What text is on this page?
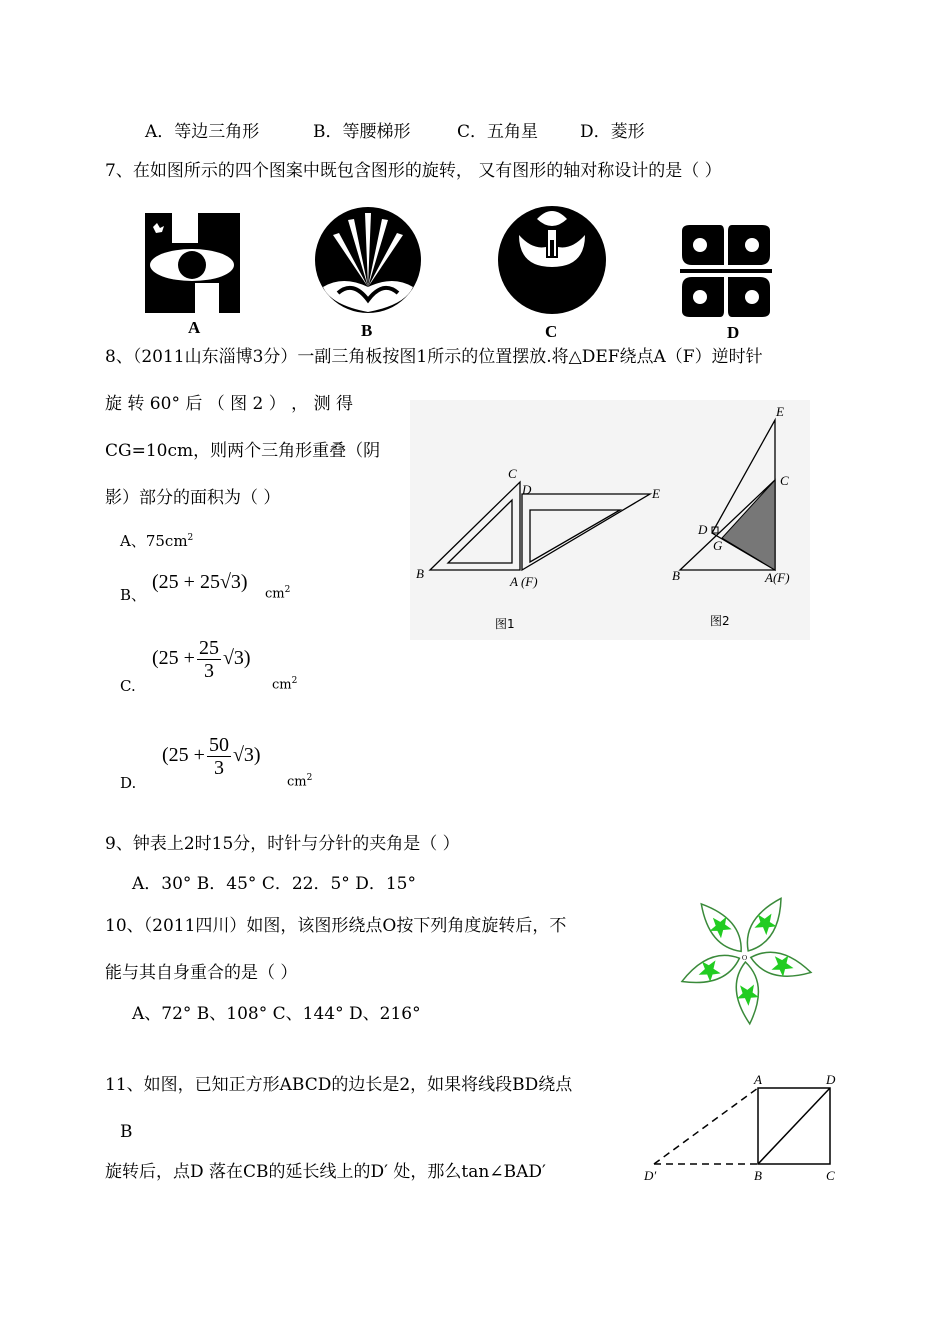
A．等边三角形	B．等腰梯形	C．五角星 D．菱形
7、在如图所示的四个图案中既包含图形的旋转， 又有图形的轴对称设计的是（ ）
A	B	C	D
8、（2011山东淄博3分）一副三角板按图1所示的位置摆放.将△DEF绕点A（F）逆时针
旋 转 60° 后 （ 图 2 ） ， 测 得
CG=10cm，则两个三角形重叠（阴
影）部分的面积为（ ）
A、$75cm^2$
B、
(25 + 25√3)
$cm^2$
C.
$(25 + \frac{25}{3} √3)$
$cm^2$
D.
$(25 + \frac{50}{3} √3)$
$cm^2$
C
D	E
B
A (F)
图1
E
C
D
G
B	A(F)
图2
9、钟表上2时15分，时针与分针的夹角是（ ）
A．30° B．45° C．22．5° D．15°
10、（2011四川）如图，该图形绕点O按下列角度旋转后，不
能与其自身重合的是（ ）
A、72° B、108° C、144° D、216°
O
11、如图，已知正方形ABCD的边长是2，如果将线段BD绕点
B
旋转后，点D 落在CB的延长线上的D′ 处，那么tan∠BAD′
A	D
D′	B	C
